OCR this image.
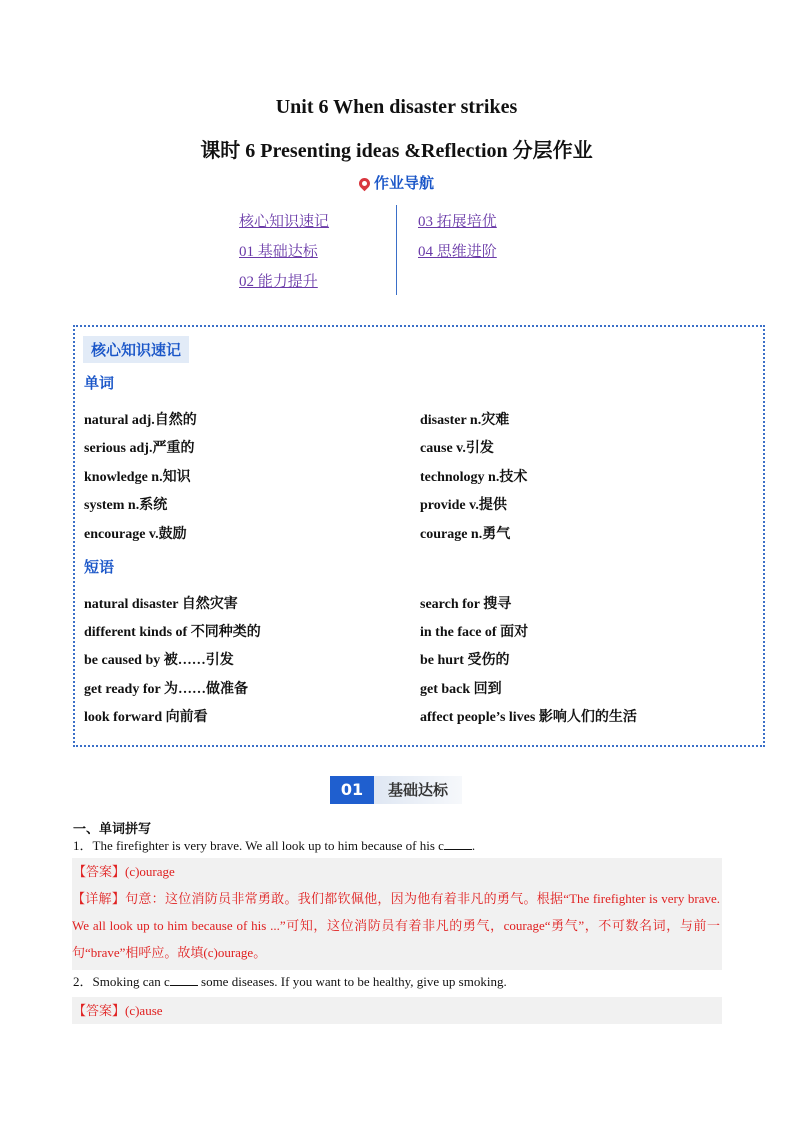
Unit 6 When disaster strikes
课时 6 Presenting ideas &Reflection 分层作业
作业导航
核心知识速记
01 基础达标
02 能力提升
03 拓展培优
04 思维进阶
核心知识速记
单词
natural adj.自然的	disaster n.灾难
serious adj.严重的	cause v.引发
knowledge n.知识	technology n.技术
system n.系统	provide v.提供
encourage v.鼓励	courage n.勇气
短语
natural disaster 自然灾害	search for 搜寻
different kinds of 不同种类的	in the face of 面对
be caused by 被……引发	be hurt 受伤的
get ready for 为……做准备	get back 回到
look forward 向前看	affect people’s lives 影响人们的生活
01	基础达标
一、单词拼写
1．The firefighter is very brave. We all look up to him because of his c .
【答案】(c)ourage
【详解】句意：这位消防员非常勇敢。我们都钦佩他，因为他有着非凡的勇气。根据“The firefighter is very brave. We all look up to him because of his ...”可知，这位消防员有着非凡的勇气，courage“勇气”，不可数名词，与前一句“brave”相呼应。故填(c)ourage。
2．Smoking can c some diseases. If you want to be healthy, give up smoking.
【答案】(c)ause
